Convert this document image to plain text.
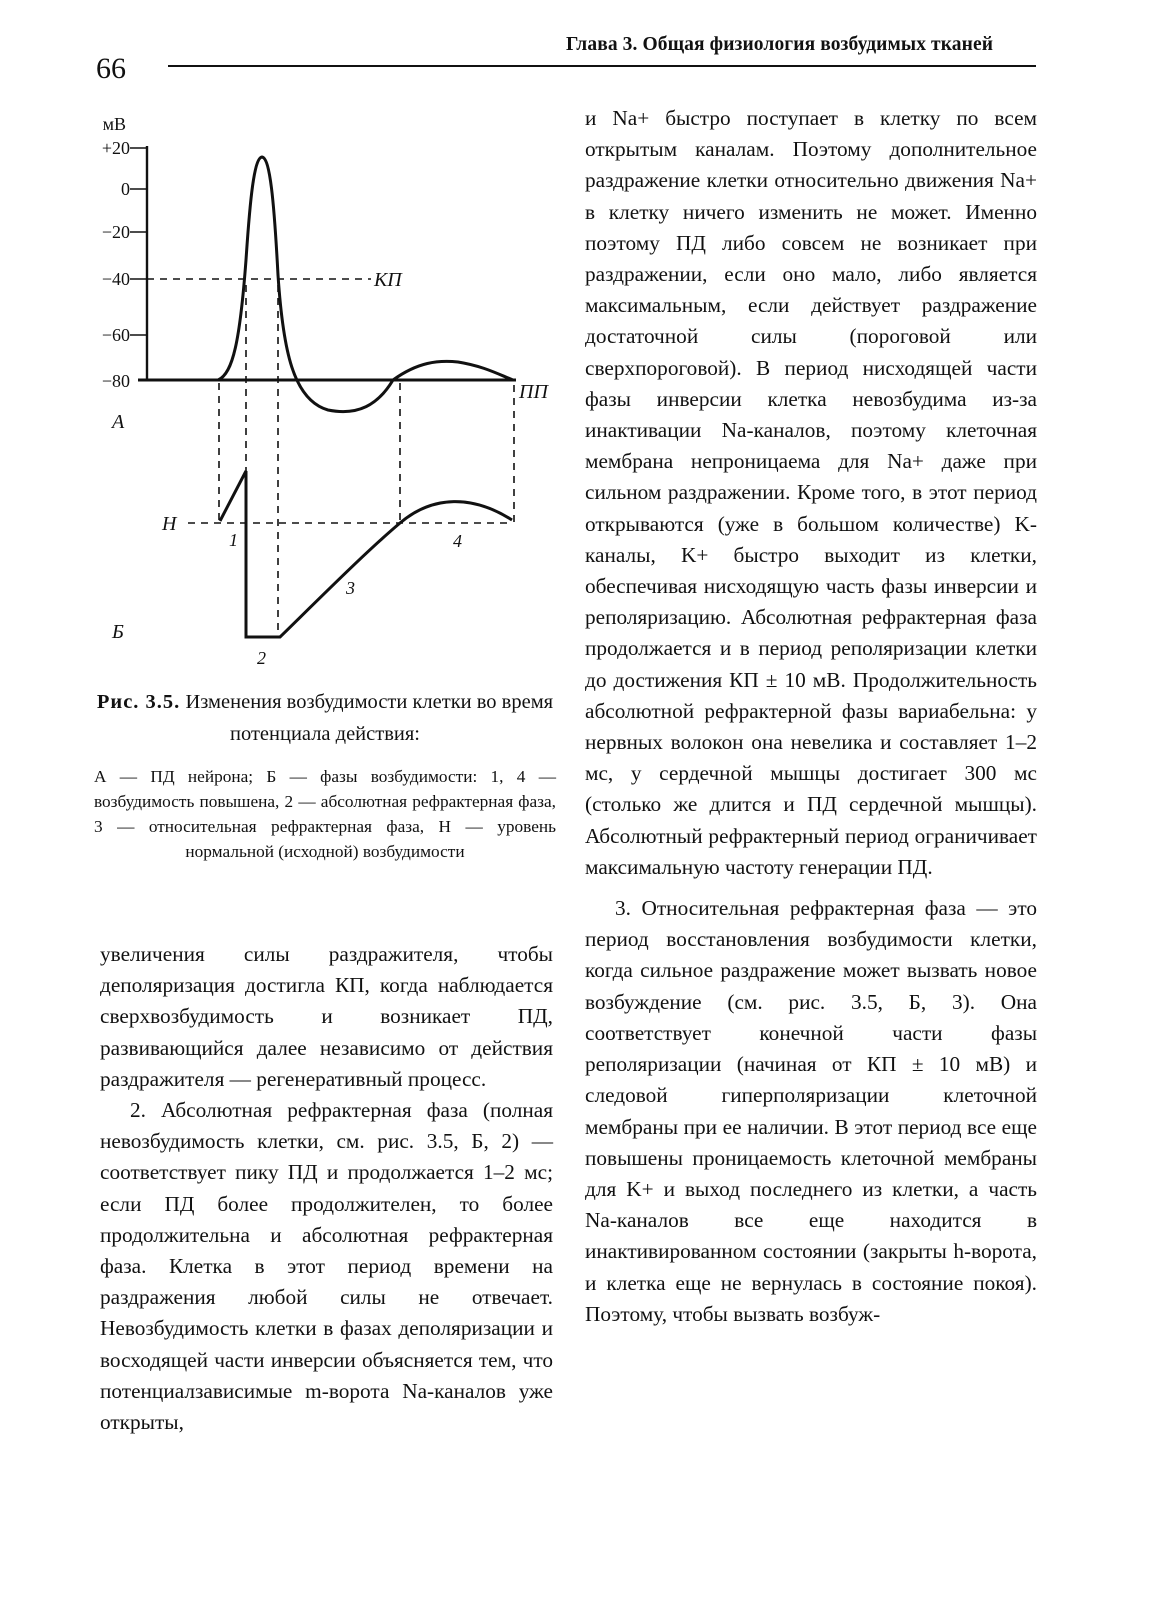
66
Глава 3. Общая физиология возбудимых тканей
мВ
+20
0
−20
−40
−60
−80
КП
ПП
А
Б
Н
1
2
3
4
Рис. 3.5. Изменения возбудимости клетки во время потенциала действия:
А — ПД нейрона; Б — фазы возбудимости: 1, 4 — возбудимость повышена, 2 — абсолютная рефрактерная фаза, 3 — относительная рефрактерная фаза, Н — уровень нормальной (исходной) возбудимости

увеличения силы раздражителя, чтобы деполяризация достигла КП, когда наблюдается сверхвозбудимость и возникает ПД, развивающийся далее независимо от действия раздражителя — регенеративный процесс.

2. Абсолютная рефрактерная фаза (полная невозбудимость клетки, см. рис. 3.5, Б, 2) — соответствует пику ПД и продолжается 1–2 мс; если ПД более продолжителен, то более продолжительна и абсолютная рефрактерная фаза. Клетка в этот период времени на раздражения любой силы не отвечает. Невозбудимость клетки в фазах деполяризации и восходящей части инверсии объясняется тем, что потенциалзависимые m-ворота Na-каналов уже открыты,

и Na+ быстро поступает в клетку по всем открытым каналам. Поэтому дополнительное раздражение клетки относительно движения Na+ в клетку ничего изменить не может. Именно поэтому ПД либо совсем не возникает при раздражении, если оно мало, либо является максимальным, если действует раздражение достаточной силы (пороговой или сверхпороговой). В период нисходящей части фазы инверсии клетка невозбудима из-за инактивации Na-каналов, поэтому клеточная мембрана непроницаема для Na+ даже при сильном раздражении. Кроме того, в этот период открываются (уже в большом количестве) K-каналы, K+ быстро выходит из клетки, обеспечивая нисходящую часть фазы инверсии и реполяризацию. Абсолютная рефрактерная фаза продолжается и в период реполяризации клетки до достижения КП ± 10 мВ. Продолжительность абсолютной рефрактерной фазы вариабельна: у нервных волокон она невелика и составляет 1–2 мс, у сердечной мышцы достигает 300 мс (столько же длится и ПД сердечной мышцы). Абсолютный рефрактерный период ограничивает максимальную частоту генерации ПД.

3. Относительная рефрактерная фаза — это период восстановления возбудимости клетки, когда сильное раздражение может вызвать новое возбуждение (см. рис. 3.5, Б, 3). Она соответствует конечной части фазы реполяризации (начиная от КП ± 10 мВ) и следовой гиперполяризации клеточной мембраны при ее наличии. В этот период все еще повышены проницаемость клеточной мембраны для K+ и выход последнего из клетки, а часть Na-каналов все еще находится в инактивированном состоянии (закрыты h-ворота, и клетка еще не вернулась в состояние покоя). Поэтому, чтобы вызвать возбуж-
